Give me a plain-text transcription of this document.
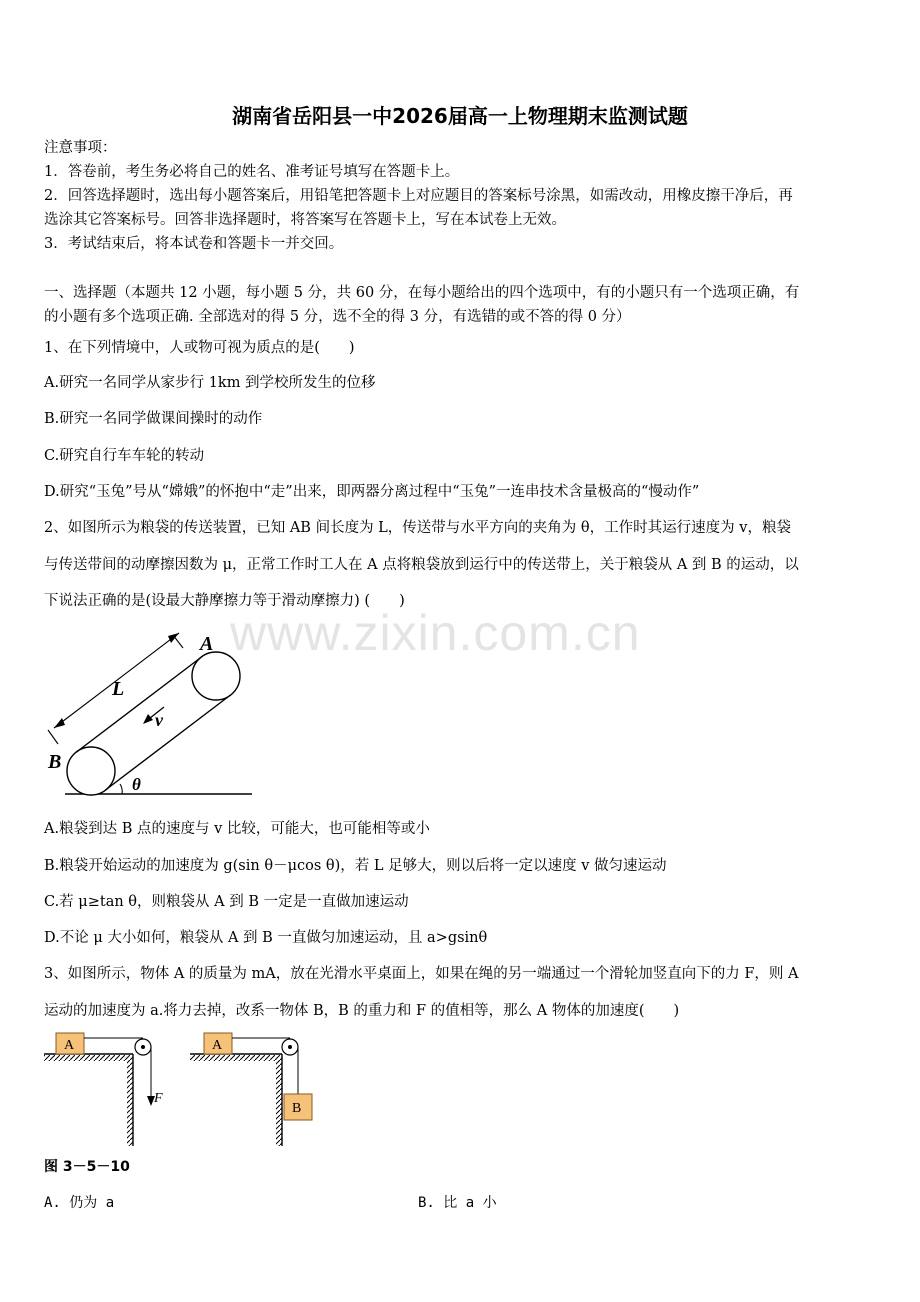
湖南省岳阳县一中2026届高一上物理期末监测试题
注意事项：
1．答卷前，考生务必将自己的姓名、准考证号填写在答题卡上。
2．回答选择题时，选出每小题答案后，用铅笔把答题卡上对应题目的答案标号涂黑，如需改动，用橡皮擦干净后，再
选涂其它答案标号。回答非选择题时，将答案写在答题卡上，写在本试卷上无效。
3．考试结束后，将本试卷和答题卡一并交回。
一、选择题（本题共 12 小题，每小题 5 分，共 60 分，在每小题给出的四个选项中，有的小题只有一个选项正确，有
的小题有多个选项正确. 全部选对的得 5 分，选不全的得 3 分，有选错的或不答的得 0 分）
1、在下列情境中，人或物可视为质点的是(　　)
A.研究一名同学从家步行 1km 到学校所发生的位移
B.研究一名同学做课间操时的动作
C.研究自行车车轮的转动
D.研究“玉兔”号从“嫦娥”的怀抱中“走”出来，即两器分离过程中“玉兔”一连串技术含量极高的“慢动作”
2、如图所示为粮袋的传送装置，已知 AB 间长度为 L，传送带与水平方向的夹角为 θ，工作时其运行速度为 v，粮袋
与传送带间的动摩擦因数为 μ，正常工作时工人在 A 点将粮袋放到运行中的传送带上，关于粮袋从 A 到 B 的运动，以
下说法正确的是(设最大静摩擦力等于滑动摩擦力) (　　)
www.zixin.com.cn
A
B
L
v
θ
A.粮袋到达 B 点的速度与 v 比较，可能大，也可能相等或小
B.粮袋开始运动的加速度为 g(sin θ－μcos θ)，若 L 足够大，则以后将一定以速度 v 做匀速运动
C.若 μ≥tan θ，则粮袋从 A 到 B 一定是一直做加速运动
D.不论 μ 大小如何，粮袋从 A 到 B 一直做匀加速运动，且 a>gsinθ
3、如图所示，物体 A 的质量为 mA，放在光滑水平桌面上，如果在绳的另一端通过一个滑轮加竖直向下的力 F，则 A
运动的加速度为 a.将力去掉，改系一物体 B，B 的重力和 F 的值相等，那么 A 物体的加速度(　　)
A
F
A
B
图 3－5－10
A. 仍为 a	B. 比 a 小
